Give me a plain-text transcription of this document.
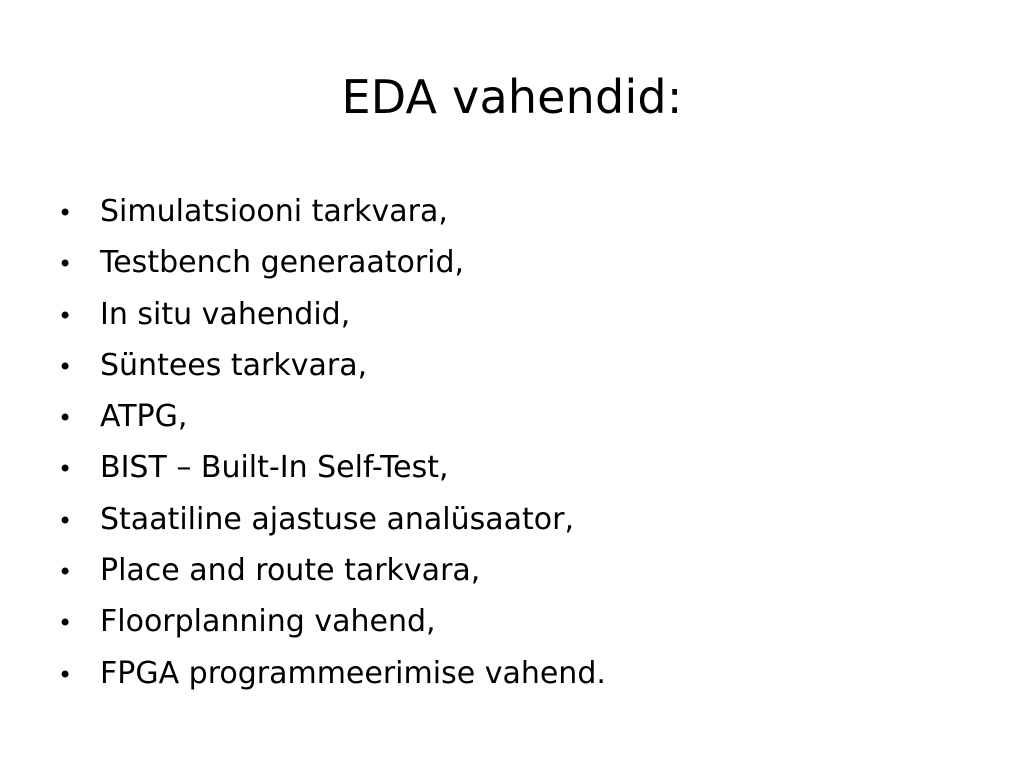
EDA vahendid:
• Simulatsiooni tarkvara,
• Testbench generaatorid,
• In situ vahendid,
• Süntees tarkvara,
• ATPG,
• BIST – Built-In Self-Test,
• Staatiline ajastuse analüsaator,
• Place and route tarkvara,
• Floorplanning vahend,
• FPGA programmeerimise vahend.
